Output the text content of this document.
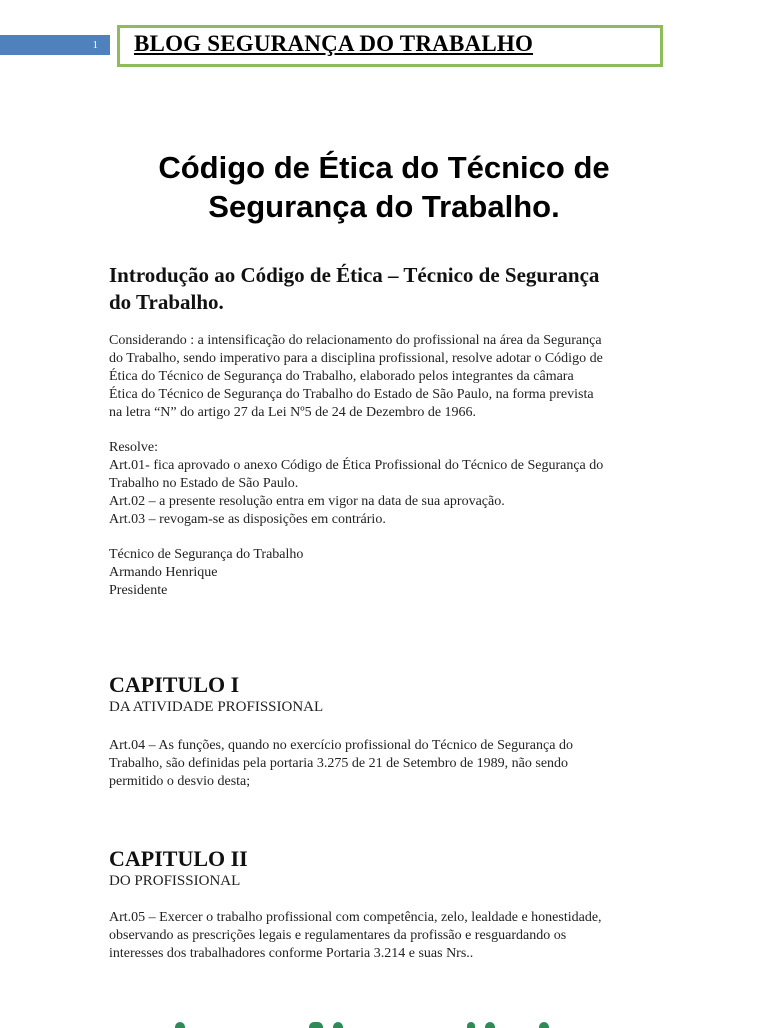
1	BLOG SEGURANÇA DO TRABALHO
Código de Ética do Técnico de
Segurança do Trabalho.
Introdução ao Código de Ética – Técnico de Segurança
do Trabalho.
Considerando : a intensificação do relacionamento do profissional na área da Segurança
do Trabalho, sendo imperativo para a disciplina profissional, resolve adotar o Código de
Ética do Técnico de Segurança do Trabalho, elaborado pelos integrantes da câmara
Ética do Técnico de Segurança do Trabalho do Estado de São Paulo, na forma prevista
na letra “N” do artigo 27 da Lei Nº5 de 24 de Dezembro de 1966.
Resolve:
Art.01- fica aprovado o anexo Código de Ética Profissional do Técnico de Segurança do
Trabalho no Estado de São Paulo.
Art.02 – a presente resolução entra em vigor na data de sua aprovação.
Art.03 – revogam-se as disposições em contrário.
Técnico de Segurança do Trabalho
Armando Henrique
Presidente
CAPITULO I
DA ATIVIDADE PROFISSIONAL
Art.04 – As funções, quando no exercício profissional do Técnico de Segurança do
Trabalho, são definidas pela portaria 3.275 de 21 de Setembro de 1989, não sendo
permitido o desvio desta;
CAPITULO II
DO PROFISSIONAL
Art.05 – Exercer o trabalho profissional com competência, zelo, lealdade e honestidade,
observando as prescrições legais e regulamentares da profissão e resguardando os
interesses dos trabalhadores conforme Portaria 3.214 e suas Nrs..
